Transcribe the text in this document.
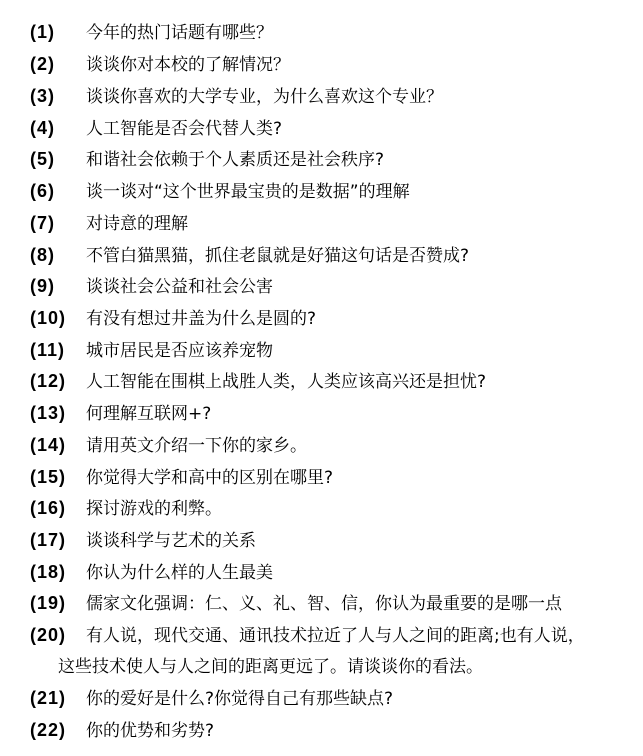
(1) 今年的热门话题有哪些？
(2) 谈谈你对本校的了解情况？
(3) 谈谈你喜欢的大学专业，为什么喜欢这个专业？
(4) 人工智能是否会代替人类?
(5) 和谐社会依赖于个人素质还是社会秩序?
(6) 谈一谈对“这个世界最宝贵的是数据”的理解
(7) 对诗意的理解
(8) 不管白猫黑猫，抓住老鼠就是好猫这句话是否赞成?
(9) 谈谈社会公益和社会公害
(10) 有没有想过井盖为什么是圆的?
(11) 城市居民是否应该养宠物
(12) 人工智能在围棋上战胜人类，人类应该高兴还是担忧?
(13) 何理解互联网+?
(14) 请用英文介绍一下你的家乡。
(15) 你觉得大学和高中的区别在哪里?
(16) 探讨游戏的利弊。
(17) 谈谈科学与艺术的关系
(18) 你认为什么样的人生最美
(19) 儒家文化强调：仁、义、礼、智、信，你认为最重要的是哪一点
(20) 有人说，现代交通、通讯技术拉近了人与人之间的距离;也有人说，
这些技术使人与人之间的距离更远了。请谈谈你的看法。
(21) 你的爱好是什么?你觉得自己有那些缺点?
(22) 你的优势和劣势?
